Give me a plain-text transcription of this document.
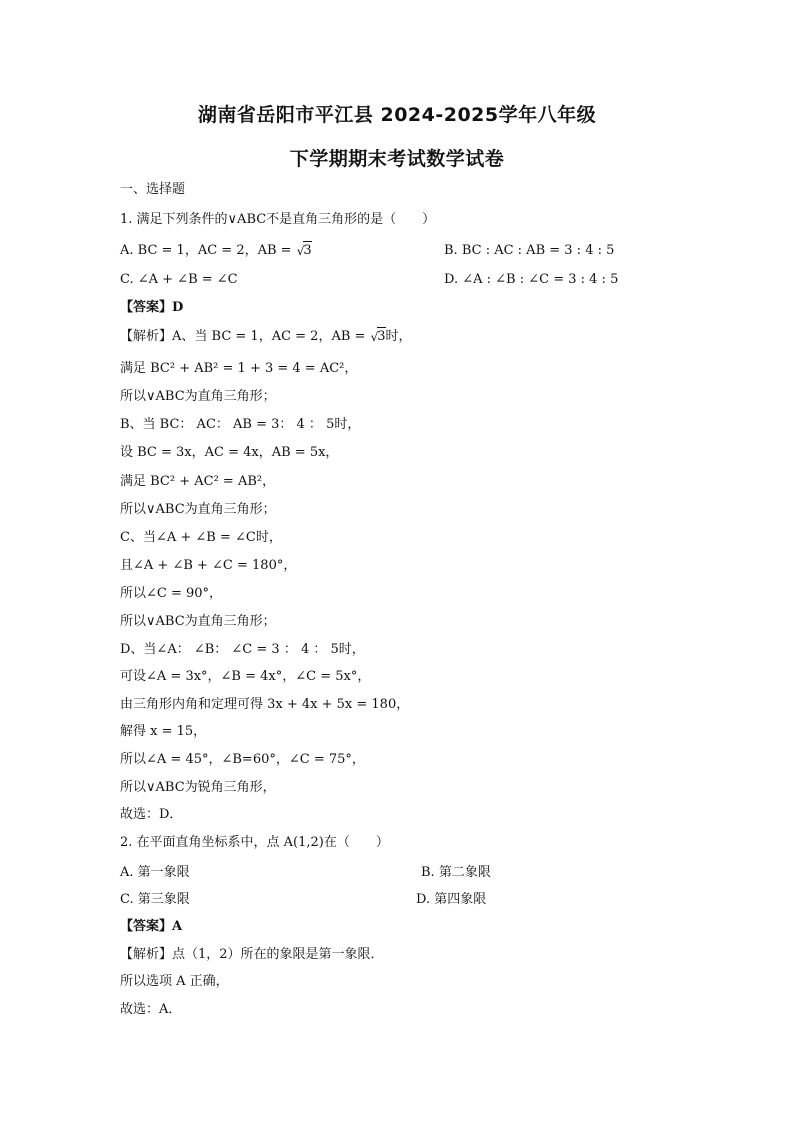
湖南省岳阳市平江县 2024-2025学年八年级
下学期期末考试数学试卷
一、选择题
1. 满足下列条件的∨ABC不是直角三角形的是（　　）
A. BC = 1，AC = 2，AB = √3	B. BC : AC : AB = 3 : 4 : 5
C. ∠A + ∠B = ∠C	D. ∠A : ∠B : ∠C = 3 : 4 : 5
【答案】D
【解析】A、当 BC = 1，AC = 2，AB = √3时，
满足 BC² + AB² = 1 + 3 = 4 = AC²，
所以∨ABC为直角三角形；
B、当 BC： AC： AB = 3： 4 ： 5时，
设 BC = 3x，AC = 4x，AB = 5x，
满足 BC² + AC² = AB²，
所以∨ABC为直角三角形；
C、当∠A + ∠B = ∠C时，
且∠A + ∠B + ∠C = 180°，
所以∠C = 90°，
所以∨ABC为直角三角形；
D、当∠A： ∠B： ∠C = 3 ： 4 ： 5时，
可设∠A = 3x°，∠B = 4x°，∠C = 5x°，
由三角形内角和定理可得 3x + 4x + 5x = 180，
解得 x = 15，
所以∠A = 45°，∠B=60°，∠C = 75°，
所以∨ABC为锐角三角形，
故选：D．
2. 在平面直角坐标系中，点 A(1,2)在（　　）
A. 第一象限	B. 第二象限
C. 第三象限	D. 第四象限
【答案】A
【解析】点（1，2）所在的象限是第一象限．
所以选项 A 正确，
故选：A．
